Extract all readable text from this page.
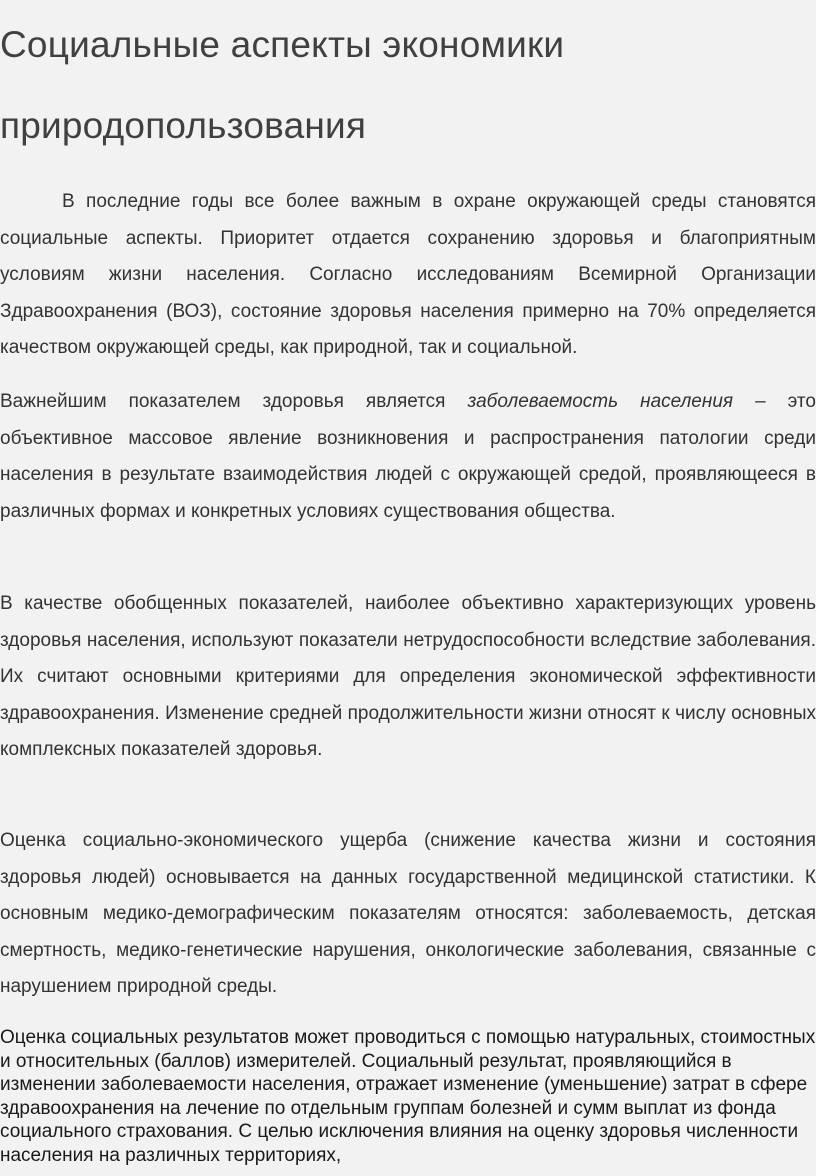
Социальные аспекты экономики
природопользования

В последние годы все более важным в охране окружающей среды становятся социальные аспекты. Приоритет отдается сохранению здоровья и благоприятным условиям жизни населения. Согласно исследованиям Всемирной Организации Здравоохранения (ВОЗ), состояние здоровья населения примерно на 70% определяется качеством окружающей среды, как природной, так и социальной.

Важнейшим показателем здоровья является заболеваемость населения – это объективное массовое явление возникновения и распространения патологии среди населения в результате взаимодействия людей с окружающей средой, проявляющееся в различных формах и конкретных условиях существования общества.

В качестве обобщенных показателей, наиболее объективно характеризующих уровень здоровья населения, используют показатели нетрудоспособности вследствие заболевания. Их считают основными критериями для определения экономической эффективности здравоохранения. Изменение средней продолжительности жизни относят к числу основных комплексных показателей здоровья.

Оценка социально-экономического ущерба (снижение качества жизни и состояния здоровья людей) основывается на данных государственной медицинской статистики. К основным медико-демографическим показателям относятся: заболеваемость, детская смертность, медико-генетические нарушения, онкологические заболевания, связанные с нарушением природной среды.

Оценка социальных результатов может проводиться с помощью натуральных, стоимостных и относительных (баллов) измерителей. Социальный результат, проявляющийся в изменении заболеваемости населения, отражает изменение (уменьшение) затрат в сфере здравоохранения на лечение по отдельным группам болезней и сумм выплат из фонда социального страхования. С целью исключения влияния на оценку здоровья численности населения на различных территориях,
